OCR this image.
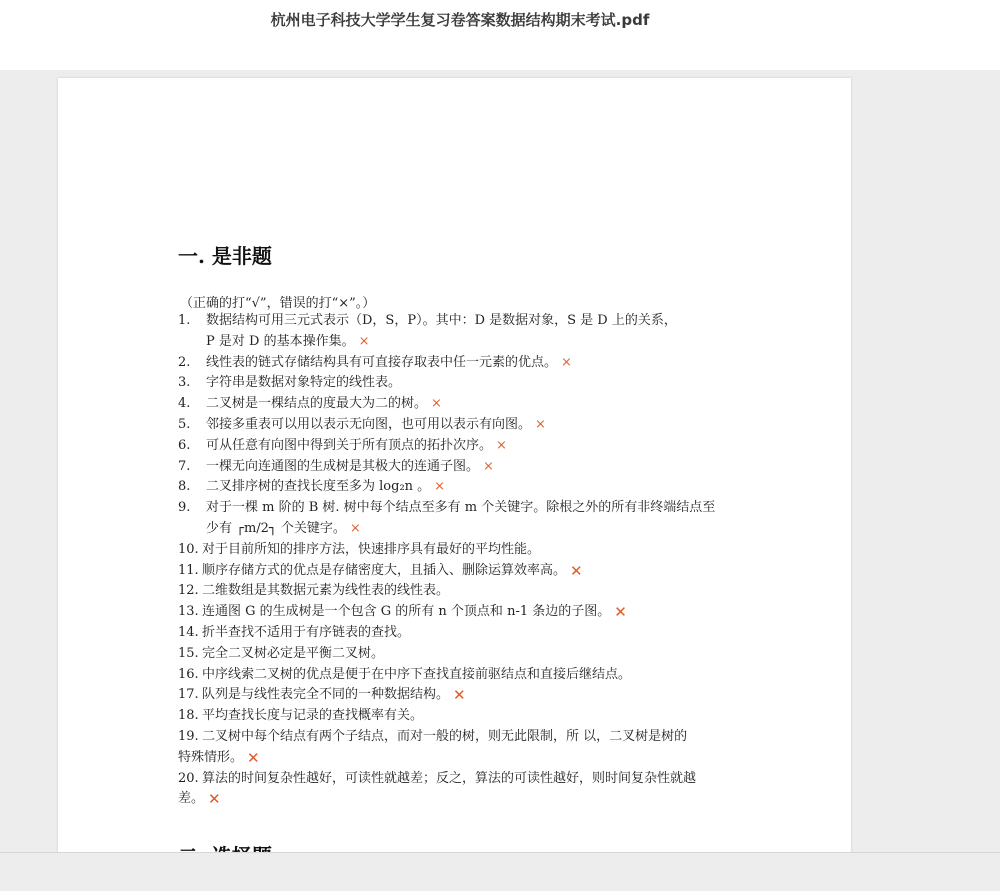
杭州电子科技大学学生复习卷答案数据结构期末考试.pdf
一. 是非题
（正确的打“√”，错误的打“×”。）
1. 数据结构可用三元式表示（D，S，P）。其中：D 是数据对象，S 是 D 上的关系，
P 是对 D 的基本操作集。 ×
2. 线性表的链式存储结构具有可直接存取表中任一元素的优点。 ×
3. 字符串是数据对象特定的线性表。
4. 二叉树是一棵结点的度最大为二的树。 ×
5. 邻接多重表可以用以表示无向图，也可用以表示有向图。 ×
6. 可从任意有向图中得到关于所有顶点的拓扑次序。 ×
7. 一棵无向连通图的生成树是其极大的连通子图。 ×
8. 二叉排序树的查找长度至多为 log₂n 。 ×
9. 对于一棵 m 阶的 B 树. 树中每个结点至多有 m 个关键字。除根之外的所有非终端结点至
少有 ┌m/2┐ 个关键字。 ×
10. 对于目前所知的排序方法，快速排序具有最好的平均性能。
11. 顺序存储方式的优点是存储密度大，且插入、删除运算效率高。 ✕
12. 二维数组是其数据元素为线性表的线性表。
13. 连通图 G 的生成树是一个包含 G 的所有 n 个顶点和 n-1 条边的子图。 ✕
14. 折半查找不适用于有序链表的查找。
15. 完全二叉树必定是平衡二叉树。
16. 中序线索二叉树的优点是便于在中序下查找直接前驱结点和直接后继结点。
17. 队列是与线性表完全不同的一种数据结构。 ✕
18. 平均查找长度与记录的查找概率有关。
19. 二叉树中每个结点有两个子结点，而对一般的树，则无此限制，所 以，二叉树是树的
特殊情形。 ✕
20. 算法的时间复杂性越好，可读性就越差；反之，算法的可读性越好，则时间复杂性就越
差。 ✕
